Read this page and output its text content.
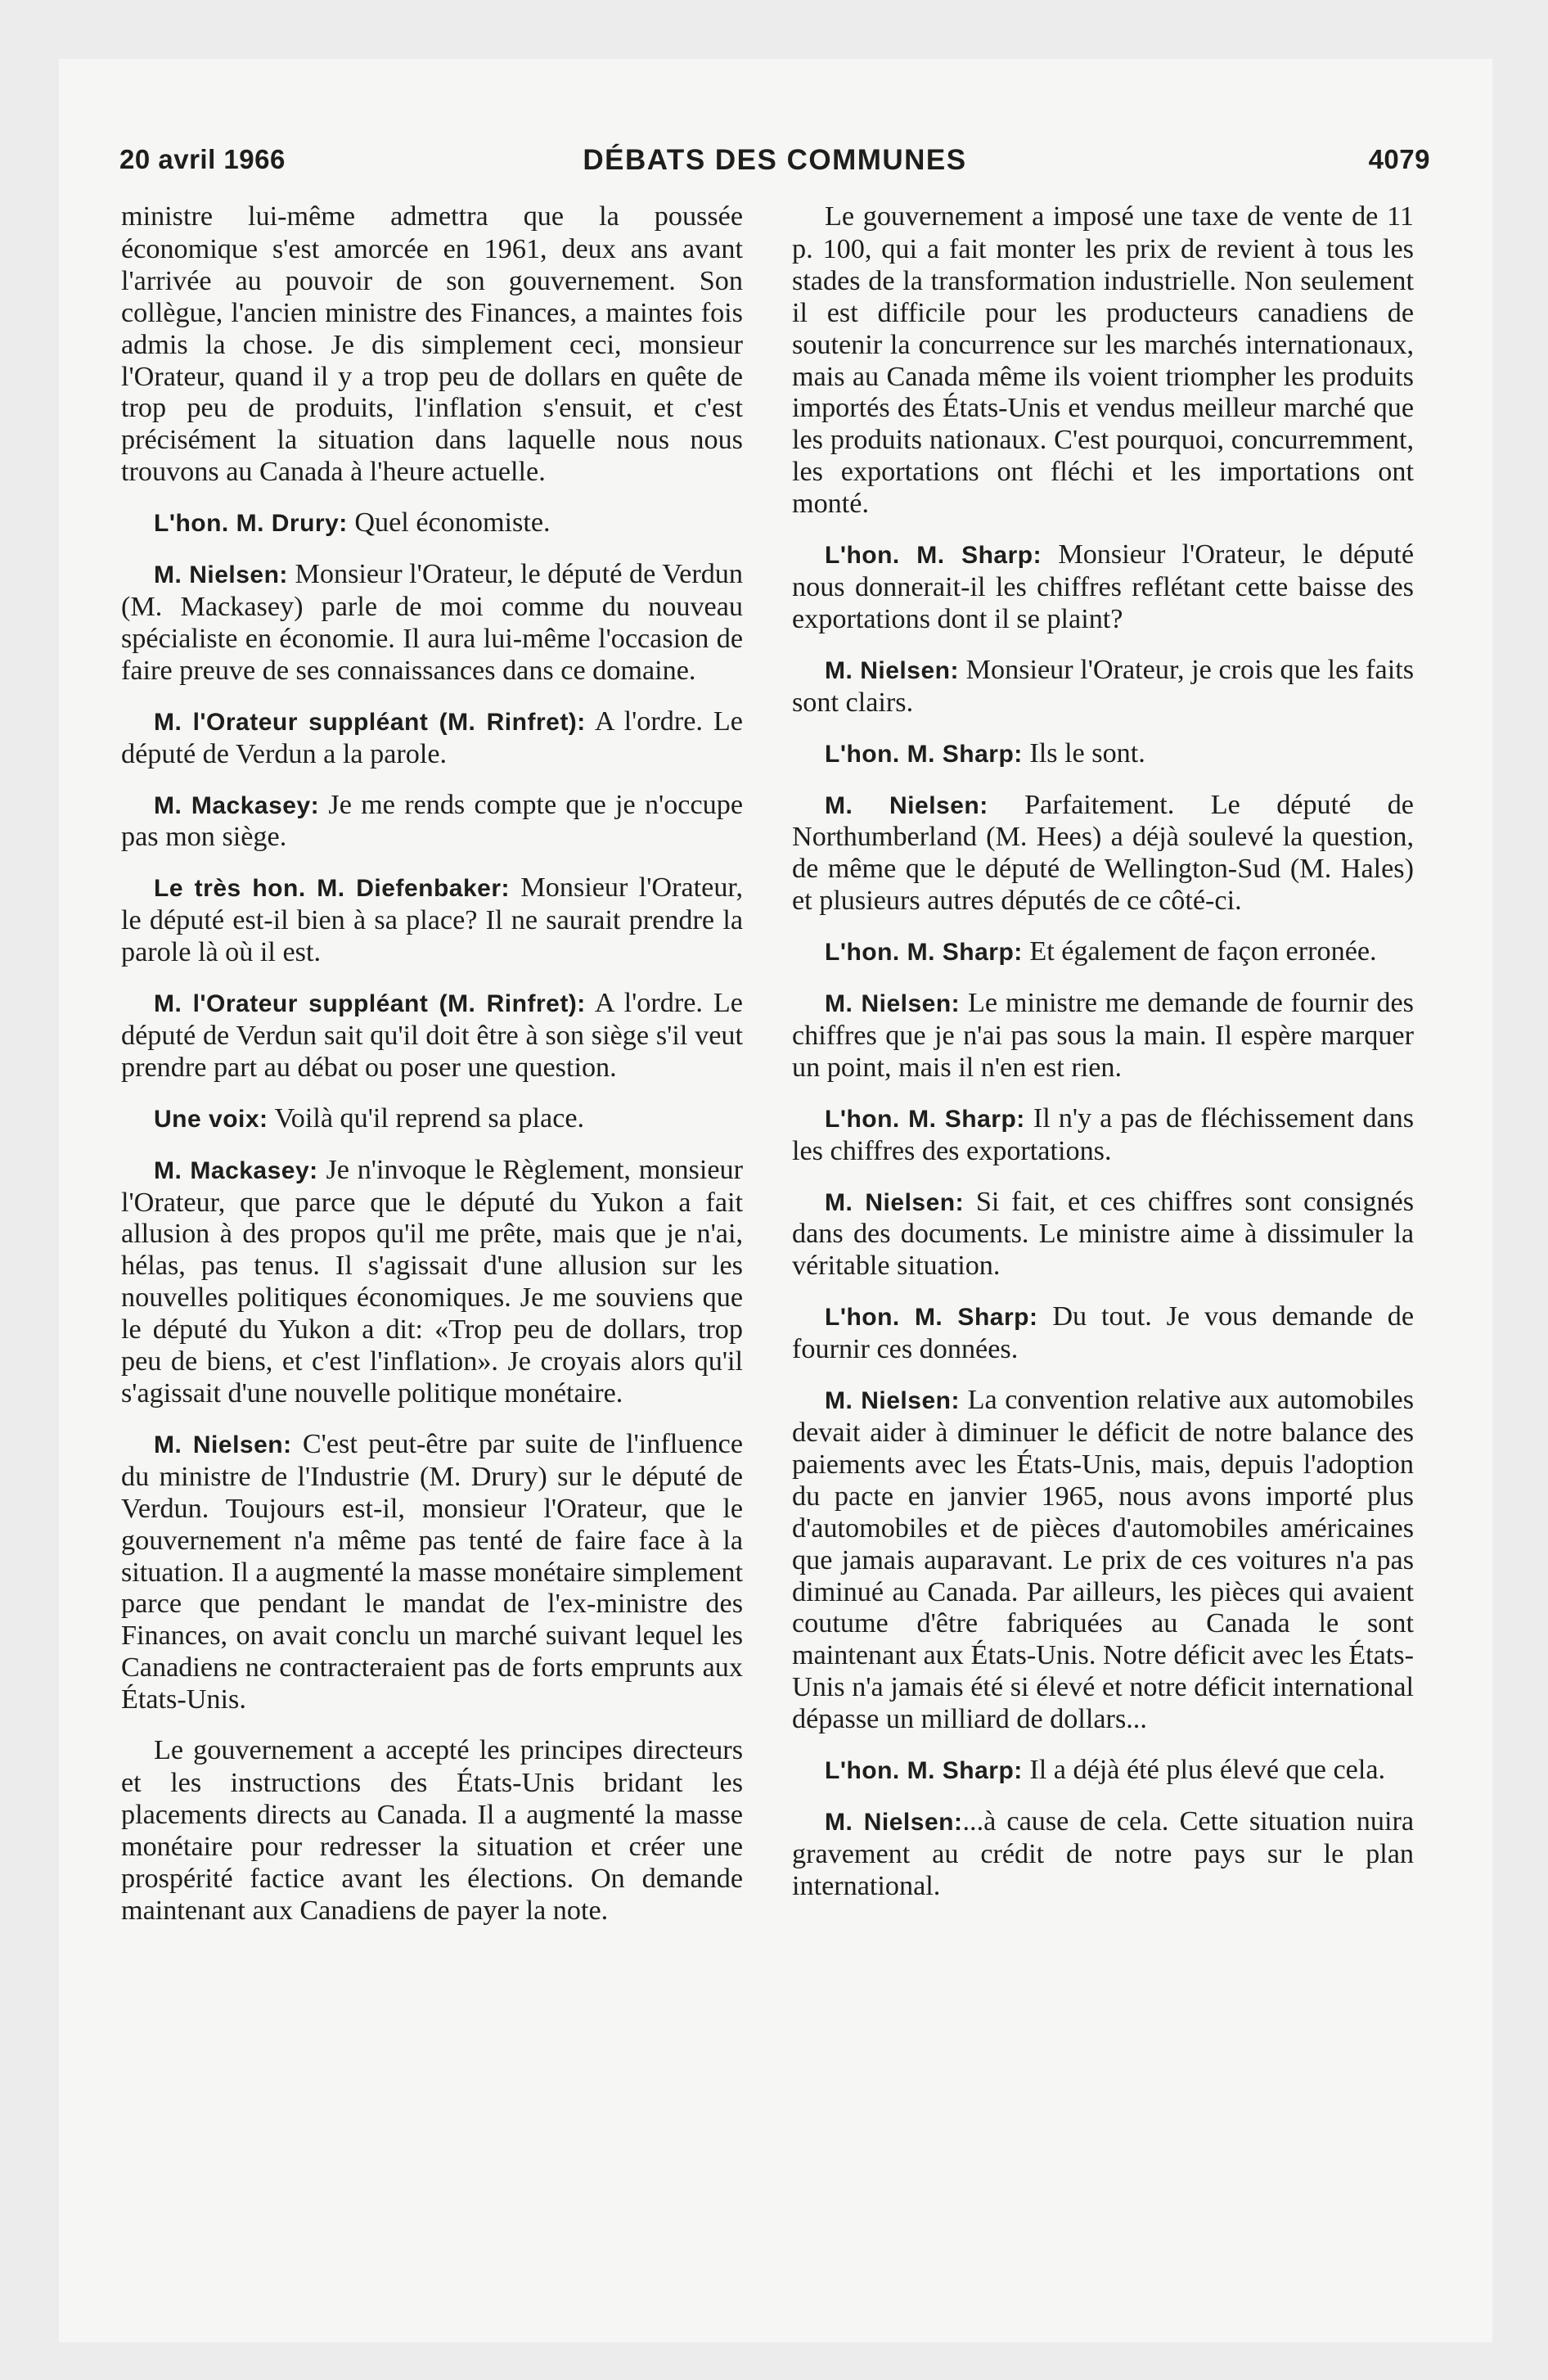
20 avril 1966	DÉBATS DES COMMUNES	4079

ministre lui-même admettra que la poussée économique s'est amorcée en 1961, deux ans avant l'arrivée au pouvoir de son gouvernement. Son collègue, l'ancien ministre des Finances, a maintes fois admis la chose. Je dis simplement ceci, monsieur l'Orateur, quand il y a trop peu de dollars en quête de trop peu de produits, l'inflation s'ensuit, et c'est précisément la situation dans laquelle nous nous trouvons au Canada à l'heure actuelle.

L'hon. M. Drury: Quel économiste.

M. Nielsen: Monsieur l'Orateur, le député de Verdun (M. Mackasey) parle de moi comme du nouveau spécialiste en économie. Il aura lui-même l'occasion de faire preuve de ses connaissances dans ce domaine.

M. l'Orateur suppléant (M. Rinfret): A l'ordre. Le député de Verdun a la parole.

M. Mackasey: Je me rends compte que je n'occupe pas mon siège.

Le très hon. M. Diefenbaker: Monsieur l'Orateur, le député est-il bien à sa place? Il ne saurait prendre la parole là où il est.

M. l'Orateur suppléant (M. Rinfret): A l'ordre. Le député de Verdun sait qu'il doit être à son siège s'il veut prendre part au débat ou poser une question.

Une voix: Voilà qu'il reprend sa place.

M. Mackasey: Je n'invoque le Règlement, monsieur l'Orateur, que parce que le député du Yukon a fait allusion à des propos qu'il me prête, mais que je n'ai, hélas, pas tenus. Il s'agissait d'une allusion sur les nouvelles politiques économiques. Je me souviens que le député du Yukon a dit: «Trop peu de dollars, trop peu de biens, et c'est l'inflation». Je croyais alors qu'il s'agissait d'une nouvelle politique monétaire.

M. Nielsen: C'est peut-être par suite de l'influence du ministre de l'Industrie (M. Drury) sur le député de Verdun. Toujours est-il, monsieur l'Orateur, que le gouvernement n'a même pas tenté de faire face à la situation. Il a augmenté la masse monétaire simplement parce que pendant le mandat de l'ex-ministre des Finances, on avait conclu un marché suivant lequel les Canadiens ne contracteraient pas de forts emprunts aux États-Unis.

Le gouvernement a accepté les principes directeurs et les instructions des États-Unis bridant les placements directs au Canada. Il a augmenté la masse monétaire pour redresser la situation et créer une prospérité factice avant les élections. On demande maintenant aux Canadiens de payer la note.

Le gouvernement a imposé une taxe de vente de 11 p. 100, qui a fait monter les prix de revient à tous les stades de la transformation industrielle. Non seulement il est difficile pour les producteurs canadiens de soutenir la concurrence sur les marchés internationaux, mais au Canada même ils voient triompher les produits importés des États-Unis et vendus meilleur marché que les produits nationaux. C'est pourquoi, concurremment, les exportations ont fléchi et les importations ont monté.

L'hon. M. Sharp: Monsieur l'Orateur, le député nous donnerait-il les chiffres reflétant cette baisse des exportations dont il se plaint?

M. Nielsen: Monsieur l'Orateur, je crois que les faits sont clairs.

L'hon. M. Sharp: Ils le sont.

M. Nielsen: Parfaitement. Le député de Northumberland (M. Hees) a déjà soulevé la question, de même que le député de Wellington-Sud (M. Hales) et plusieurs autres députés de ce côté-ci.

L'hon. M. Sharp: Et également de façon erronée.

M. Nielsen: Le ministre me demande de fournir des chiffres que je n'ai pas sous la main. Il espère marquer un point, mais il n'en est rien.

L'hon. M. Sharp: Il n'y a pas de fléchissement dans les chiffres des exportations.

M. Nielsen: Si fait, et ces chiffres sont consignés dans des documents. Le ministre aime à dissimuler la véritable situation.

L'hon. M. Sharp: Du tout. Je vous demande de fournir ces données.

M. Nielsen: La convention relative aux automobiles devait aider à diminuer le déficit de notre balance des paiements avec les États-Unis, mais, depuis l'adoption du pacte en janvier 1965, nous avons importé plus d'automobiles et de pièces d'automobiles américaines que jamais auparavant. Le prix de ces voitures n'a pas diminué au Canada. Par ailleurs, les pièces qui avaient coutume d'être fabriquées au Canada le sont maintenant aux États-Unis. Notre déficit avec les États-Unis n'a jamais été si élevé et notre déficit international dépasse un milliard de dollars...

L'hon. M. Sharp: Il a déjà été plus élevé que cela.

M. Nielsen:...à cause de cela. Cette situation nuira gravement au crédit de notre pays sur le plan international.
